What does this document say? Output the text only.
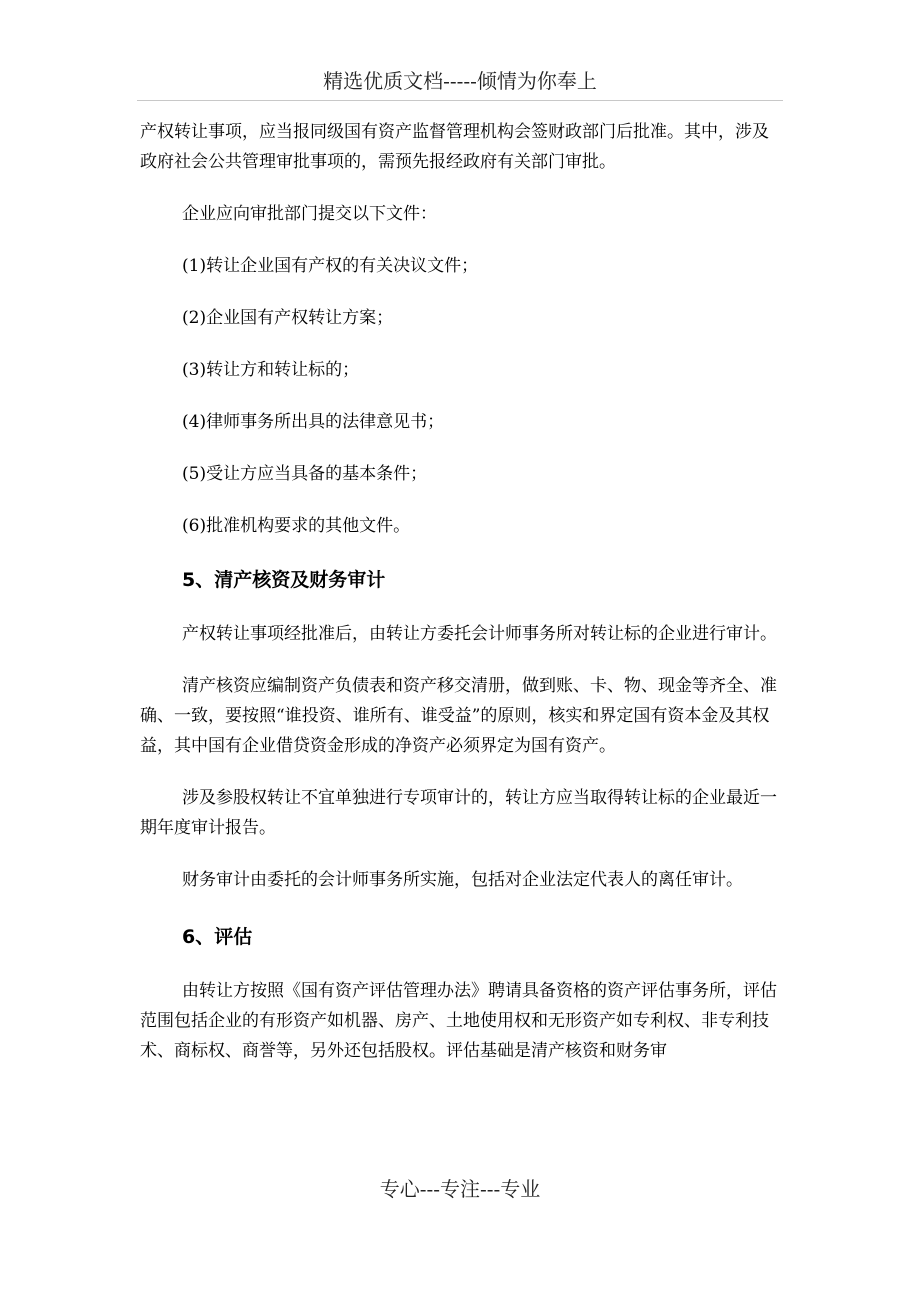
精选优质文档-----倾情为你奉上

产权转让事项，应当报同级国有资产监督管理机构会签财政部门后批准。其中，涉及政府社会公共管理审批事项的，需预先报经政府有关部门审批。

企业应向审批部门提交以下文件：

(1)转让企业国有产权的有关决议文件；

(2)企业国有产权转让方案；

(3)转让方和转让标的；

(4)律师事务所出具的法律意见书；

(5)受让方应当具备的基本条件；

(6)批准机构要求的其他文件。

5、清产核资及财务审计

产权转让事项经批准后，由转让方委托会计师事务所对转让标的企业进行审计。

清产核资应编制资产负债表和资产移交清册，做到账、卡、物、现金等齐全、准确、一致，要按照“谁投资、谁所有、谁受益”的原则，核实和界定国有资本金及其权益，其中国有企业借贷资金形成的净资产必须界定为国有资产。

涉及参股权转让不宜单独进行专项审计的，转让方应当取得转让标的企业最近一期年度审计报告。

财务审计由委托的会计师事务所实施，包括对企业法定代表人的离任审计。

6、评估

由转让方按照《国有资产评估管理办法》聘请具备资格的资产评估事务所，评估范围包括企业的有形资产如机器、房产、土地使用权和无形资产如专利权、非专利技术、商标权、商誉等，另外还包括股权。评估基础是清产核资和财务审

专心---专注---专业
